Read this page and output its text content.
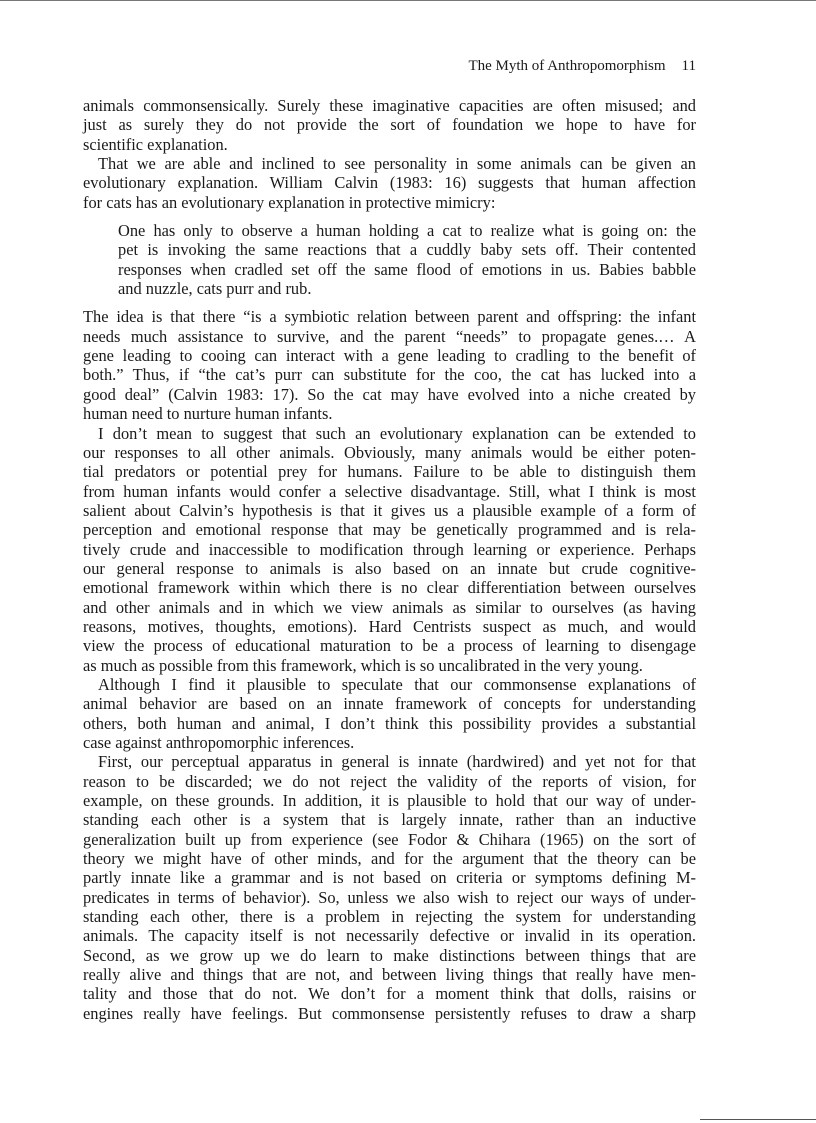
The Myth of Anthropomorphism 11
animals commonsensically. Surely these imaginative capacities are often misused; and
just as surely they do not provide the sort of foundation we hope to have for
scientific explanation.
That we are able and inclined to see personality in some animals can be given an
evolutionary explanation. William Calvin (1983: 16) suggests that human affection
for cats has an evolutionary explanation in protective mimicry:
One has only to observe a human holding a cat to realize what is going on: the
pet is invoking the same reactions that a cuddly baby sets off. Their contented
responses when cradled set off the same flood of emotions in us. Babies babble
and nuzzle, cats purr and rub.
The idea is that there “is a symbiotic relation between parent and offspring: the infant
needs much assistance to survive, and the parent “needs” to propagate genes.… A
gene leading to cooing can interact with a gene leading to cradling to the benefit of
both.” Thus, if “the cat’s purr can substitute for the coo, the cat has lucked into a
good deal” (Calvin 1983: 17). So the cat may have evolved into a niche created by
human need to nurture human infants.
I don’t mean to suggest that such an evolutionary explanation can be extended to
our responses to all other animals. Obviously, many animals would be either poten-
tial predators or potential prey for humans. Failure to be able to distinguish them
from human infants would confer a selective disadvantage. Still, what I think is most
salient about Calvin’s hypothesis is that it gives us a plausible example of a form of
perception and emotional response that may be genetically programmed and is rela-
tively crude and inaccessible to modification through learning or experience. Perhaps
our general response to animals is also based on an innate but crude cognitive-
emotional framework within which there is no clear differentiation between ourselves
and other animals and in which we view animals as similar to ourselves (as having
reasons, motives, thoughts, emotions). Hard Centrists suspect as much, and would
view the process of educational maturation to be a process of learning to disengage
as much as possible from this framework, which is so uncalibrated in the very young.
Although I find it plausible to speculate that our commonsense explanations of
animal behavior are based on an innate framework of concepts for understanding
others, both human and animal, I don’t think this possibility provides a substantial
case against anthropomorphic inferences.
First, our perceptual apparatus in general is innate (hardwired) and yet not for that
reason to be discarded; we do not reject the validity of the reports of vision, for
example, on these grounds. In addition, it is plausible to hold that our way of under-
standing each other is a system that is largely innate, rather than an inductive
generalization built up from experience (see Fodor & Chihara (1965) on the sort of
theory we might have of other minds, and for the argument that the theory can be
partly innate like a grammar and is not based on criteria or symptoms defining M-
predicates in terms of behavior). So, unless we also wish to reject our ways of under-
standing each other, there is a problem in rejecting the system for understanding
animals. The capacity itself is not necessarily defective or invalid in its operation.
Second, as we grow up we do learn to make distinctions between things that are
really alive and things that are not, and between living things that really have men-
tality and those that do not. We don’t for a moment think that dolls, raisins or
engines really have feelings. But commonsense persistently refuses to draw a sharp
